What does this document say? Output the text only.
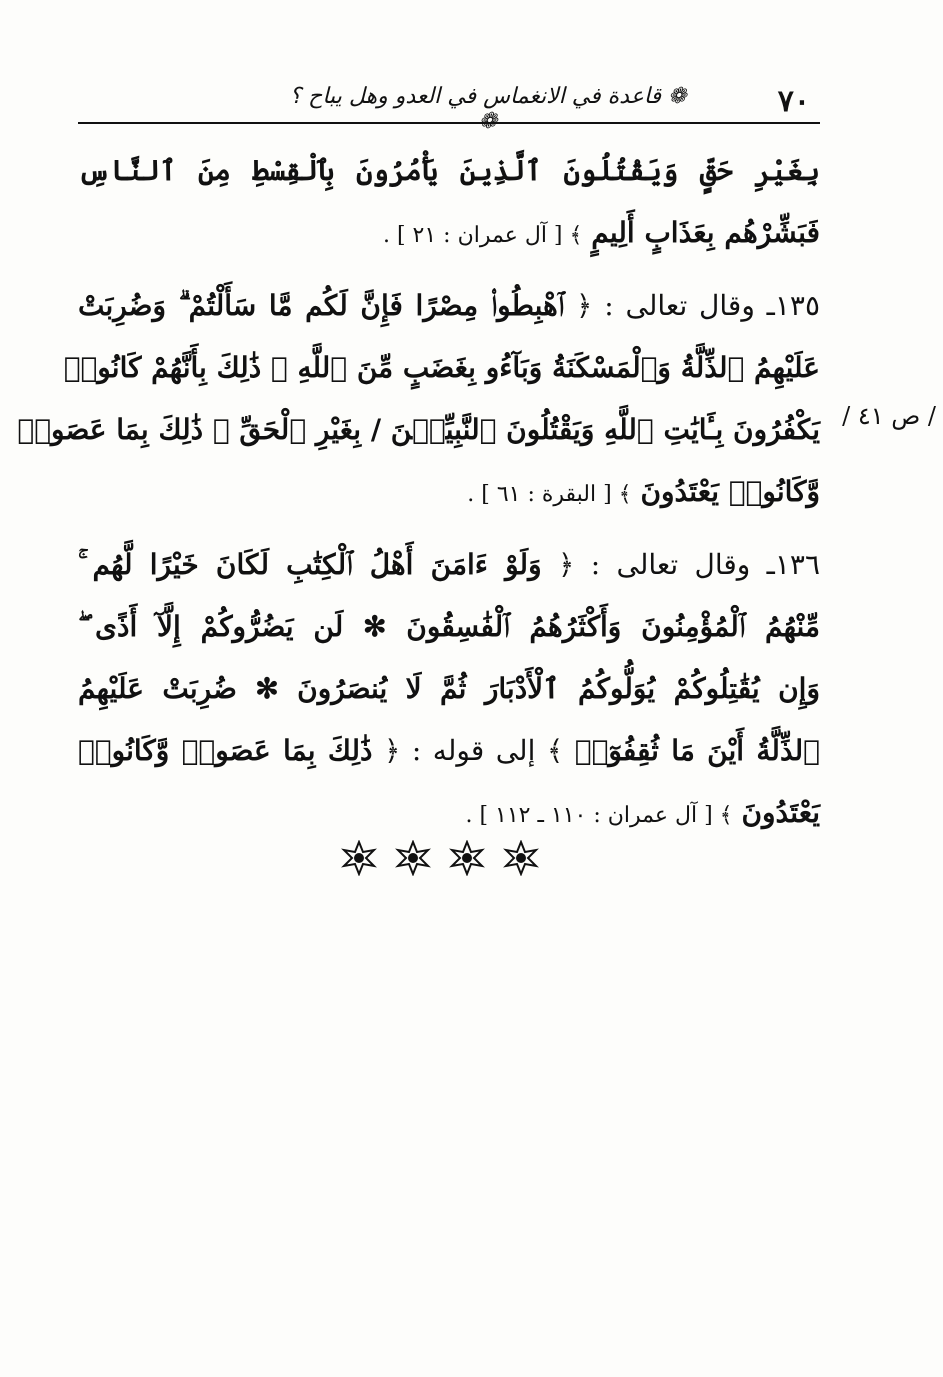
٧٠
❁ قاعدة في الانغماس في العدو وهل يباح ؟ ❁
/ ص ٤١ /

بِغَيْرِ حَقٍّ وَيَقْتُلُونَ ٱلَّذِينَ يَأْمُرُونَ بِٱلْقِسْطِ مِنَ ٱلنَّاسِ
فَبَشِّرْهُم بِعَذَابٍ أَلِيمٍ ﴾ [ آل عمران : ٢١ ] .

١٣٥ـ وقال تعالى : ﴿ ٱهْبِطُوا۟ مِصْرًا فَإِنَّ لَكُم مَّا سَأَلْتُمْ ۗ وَضُرِبَتْ
عَلَيْهِمُ ٱلذِّلَّةُ وَٱلْمَسْكَنَةُ وَبَآءُو بِغَضَبٍ مِّنَ ٱللَّهِ ۗ ذَٰلِكَ بِأَنَّهُمْ كَانُوا۟
يَكْفُرُونَ بِـَٔايَٰتِ ٱللَّهِ وَيَقْتُلُونَ ٱلنَّبِيِّـۧنَ / بِغَيْرِ ٱلْحَقِّ ۗ ذَٰلِكَ بِمَا عَصَوا۟
وَّكَانُوا۟ يَعْتَدُونَ ﴾ [ البقرة : ٦١ ] .

١٣٦ـ وقال تعالى : ﴿ وَلَوْ ءَامَنَ أَهْلُ ٱلْكِتَٰبِ لَكَانَ خَيْرًا لَّهُم ۚ
مِّنْهُمُ ٱلْمُؤْمِنُونَ وَأَكْثَرُهُمُ ٱلْفَٰسِقُونَ ✻ لَن يَضُرُّوكُمْ إِلَّآ أَذًى ۖ
وَإِن يُقَٰتِلُوكُمْ يُوَلُّوكُمُ ٱلْأَدْبَارَ ثُمَّ لَا يُنصَرُونَ ✻ ضُرِبَتْ عَلَيْهِمُ
ٱلذِّلَّةُ أَيْنَ مَا ثُقِفُوٓا۟ ﴾ إلى قوله : ﴿ ذَٰلِكَ بِمَا عَصَوا۟ وَّكَانُوا۟
يَعْتَدُونَ ﴾ [ آل عمران : ١١٠ ـ ١١٢ ] .
